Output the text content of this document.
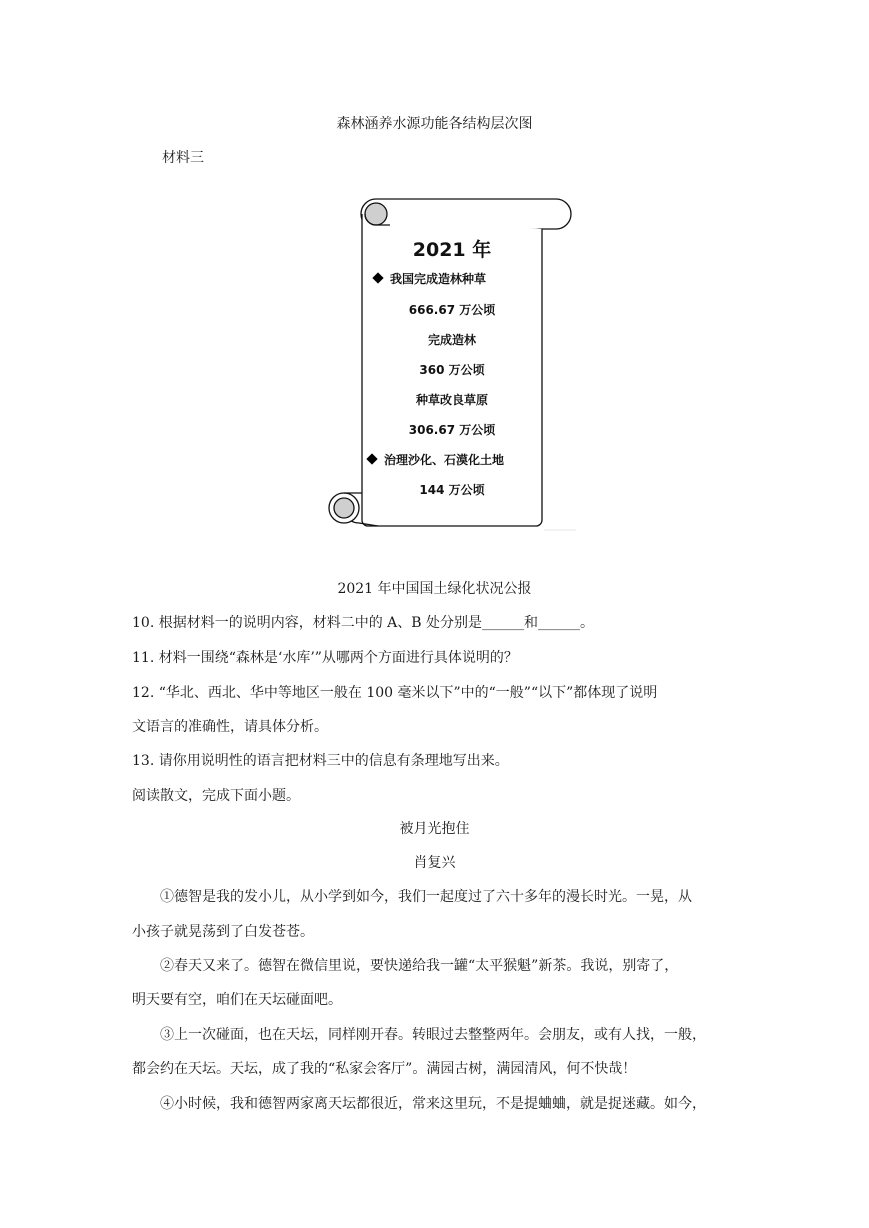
森林涵养水源功能各结构层次图
材料三
2021 年
我国完成造林种草
666.67 万公顷
完成造林
360 万公顷
种草改良草原
306.67 万公顷
治理沙化、石漠化土地
144 万公顷
2021 年中国国土绿化状况公报
10. 根据材料一的说明内容，材料二中的 A、B 处分别是______和______。
11. 材料一围绕“森林是‘水库’”从哪两个方面进行具体说明的？
12. “华北、西北、华中等地区一般在 100 毫米以下”中的“一般”“以下”都体现了说明
文语言的准确性，请具体分析。
13. 请你用说明性的语言把材料三中的信息有条理地写出来。
阅读散文，完成下面小题。
被月光抱住
肖复兴
①德智是我的发小儿，从小学到如今，我们一起度过了六十多年的漫长时光。一晃，从
小孩子就晃荡到了白发苍苍。
②春天又来了。德智在微信里说，要快递给我一罐“太平猴魁”新茶。我说，别寄了，
明天要有空，咱们在天坛碰面吧。
③上一次碰面，也在天坛，同样刚开春。转眼过去整整两年。会朋友，或有人找，一般，
都会约在天坛。天坛，成了我的“私家会客厅”。满园古树，满园清风，何不快哉！
④小时候，我和德智两家离天坛都很近，常来这里玩，不是提蛐蛐，就是捉迷藏。如今，
